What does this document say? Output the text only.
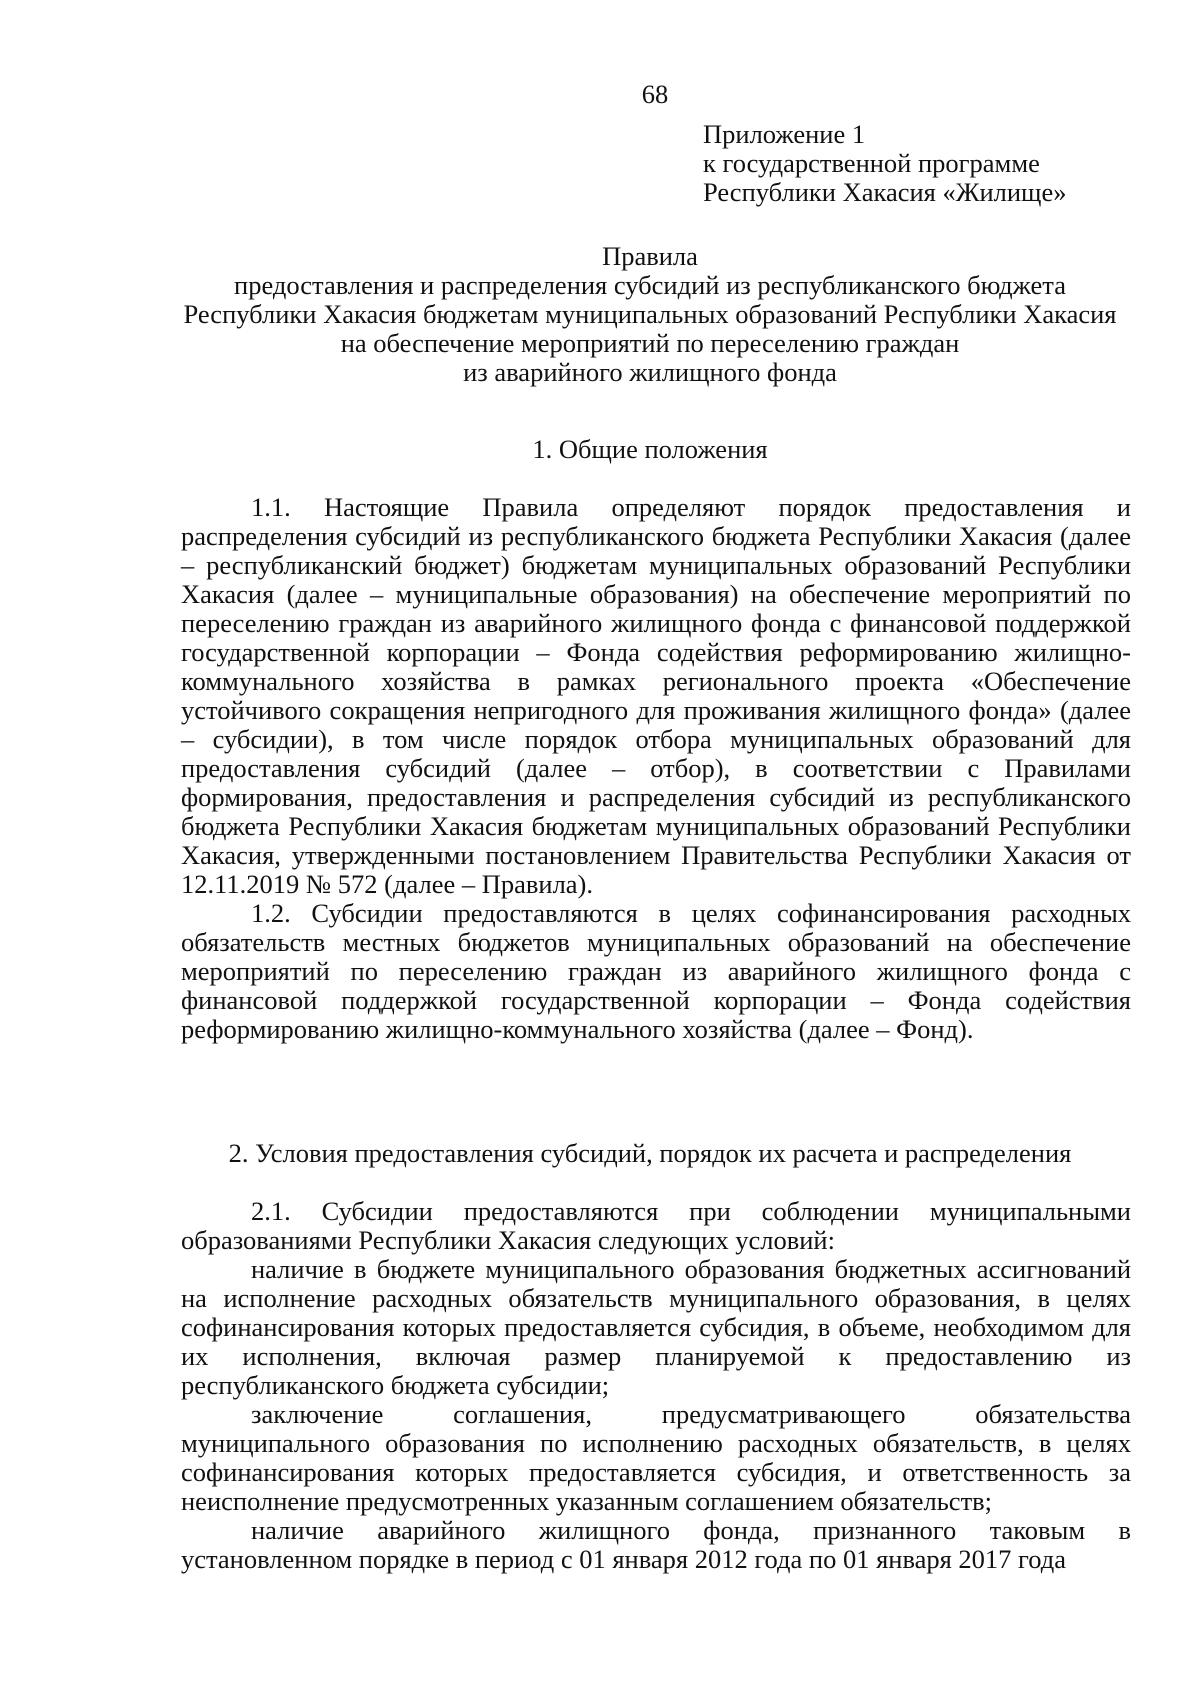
68
Приложение 1
к государственной программе
Республики Хакасия «Жилище»
Правила
предоставления и распределения субсидий из республиканского бюджета
Республики Хакасия бюджетам муниципальных образований Республики Хакасия
на обеспечение мероприятий по переселению граждан
из аварийного жилищного фонда
1. Общие положения

1.1. Настоящие Правила определяют порядок предоставления и распределения субсидий из республиканского бюджета Республики Хакасия (далее – республиканский бюджет) бюджетам муниципальных образований Республики Хакасия (далее – муниципальные образования) на обеспечение мероприятий по переселению граждан из аварийного жилищного фонда с финансовой поддержкой государственной корпорации – Фонда содействия реформированию жилищно-коммунального хозяйства в рамках регионального проекта «Обеспечение устойчивого сокращения непригодного для проживания жилищного фонда» (далее – субсидии), в том числе порядок отбора муниципальных образований для предоставления субсидий (далее – отбор), в соответствии с Правилами формирования, предоставления и распределения субсидий из республиканского бюджета Республики Хакасия бюджетам муниципальных образований Республики Хакасия, утвержденными постановлением Правительства Республики Хакасия от 12.11.2019 № 572 (далее – Правила).

1.2. Субсидии предоставляются в целях софинансирования расходных обязательств местных бюджетов муниципальных образований на обеспечение мероприятий по переселению граждан из аварийного жилищного фонда с финансовой поддержкой государственной корпорации – Фонда содействия реформированию жилищно-коммунального хозяйства (далее – Фонд).

2. Условия предоставления субсидий, порядок их расчета и распределения

2.1. Субсидии предоставляются при соблюдении муниципальными образованиями Республики Хакасия следующих условий:

наличие в бюджете муниципального образования бюджетных ассигнований на исполнение расходных обязательств муниципального образования, в целях софинансирования которых предоставляется субсидия, в объеме, необходимом для их исполнения, включая размер планируемой к предоставлению из республиканского бюджета субсидии;

заключение соглашения, предусматривающего обязательства муниципального образования по исполнению расходных обязательств, в целях софинансирования которых предоставляется субсидия, и ответственность за неисполнение предусмотренных указанным соглашением обязательств;

наличие аварийного жилищного фонда, признанного таковым в установленном порядке в период с 01 января 2012 года по 01 января 2017 года
